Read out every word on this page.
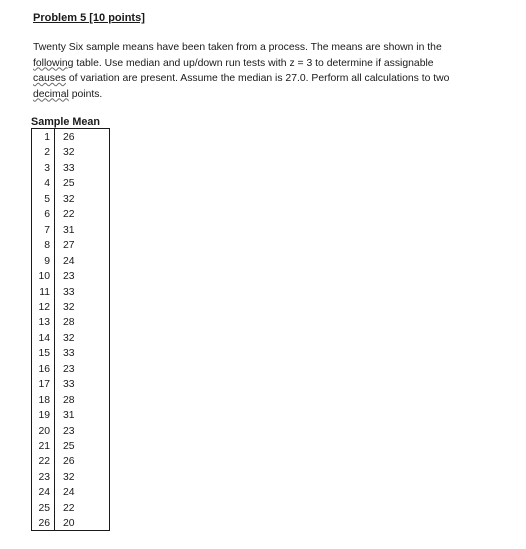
Problem 5 [10 points]
Twenty Six sample means have been taken from a process. The means are shown in the
following table. Use median and up/down run tests with z = 3 to determine if assignable
causes of variation are present. Assume the median is 27.0. Perform all calculations to two
decimal points.
Sample Mean
1 26
2 32
3 33
4 25
5 32
6 22
7 31
8 27
9 24
10 23
11 33
12 32
13 28
14 32
15 33
16 23
17 33
18 28
19 31
20 23
21 25
22 26
23 32
24 24
25 22
26 20
